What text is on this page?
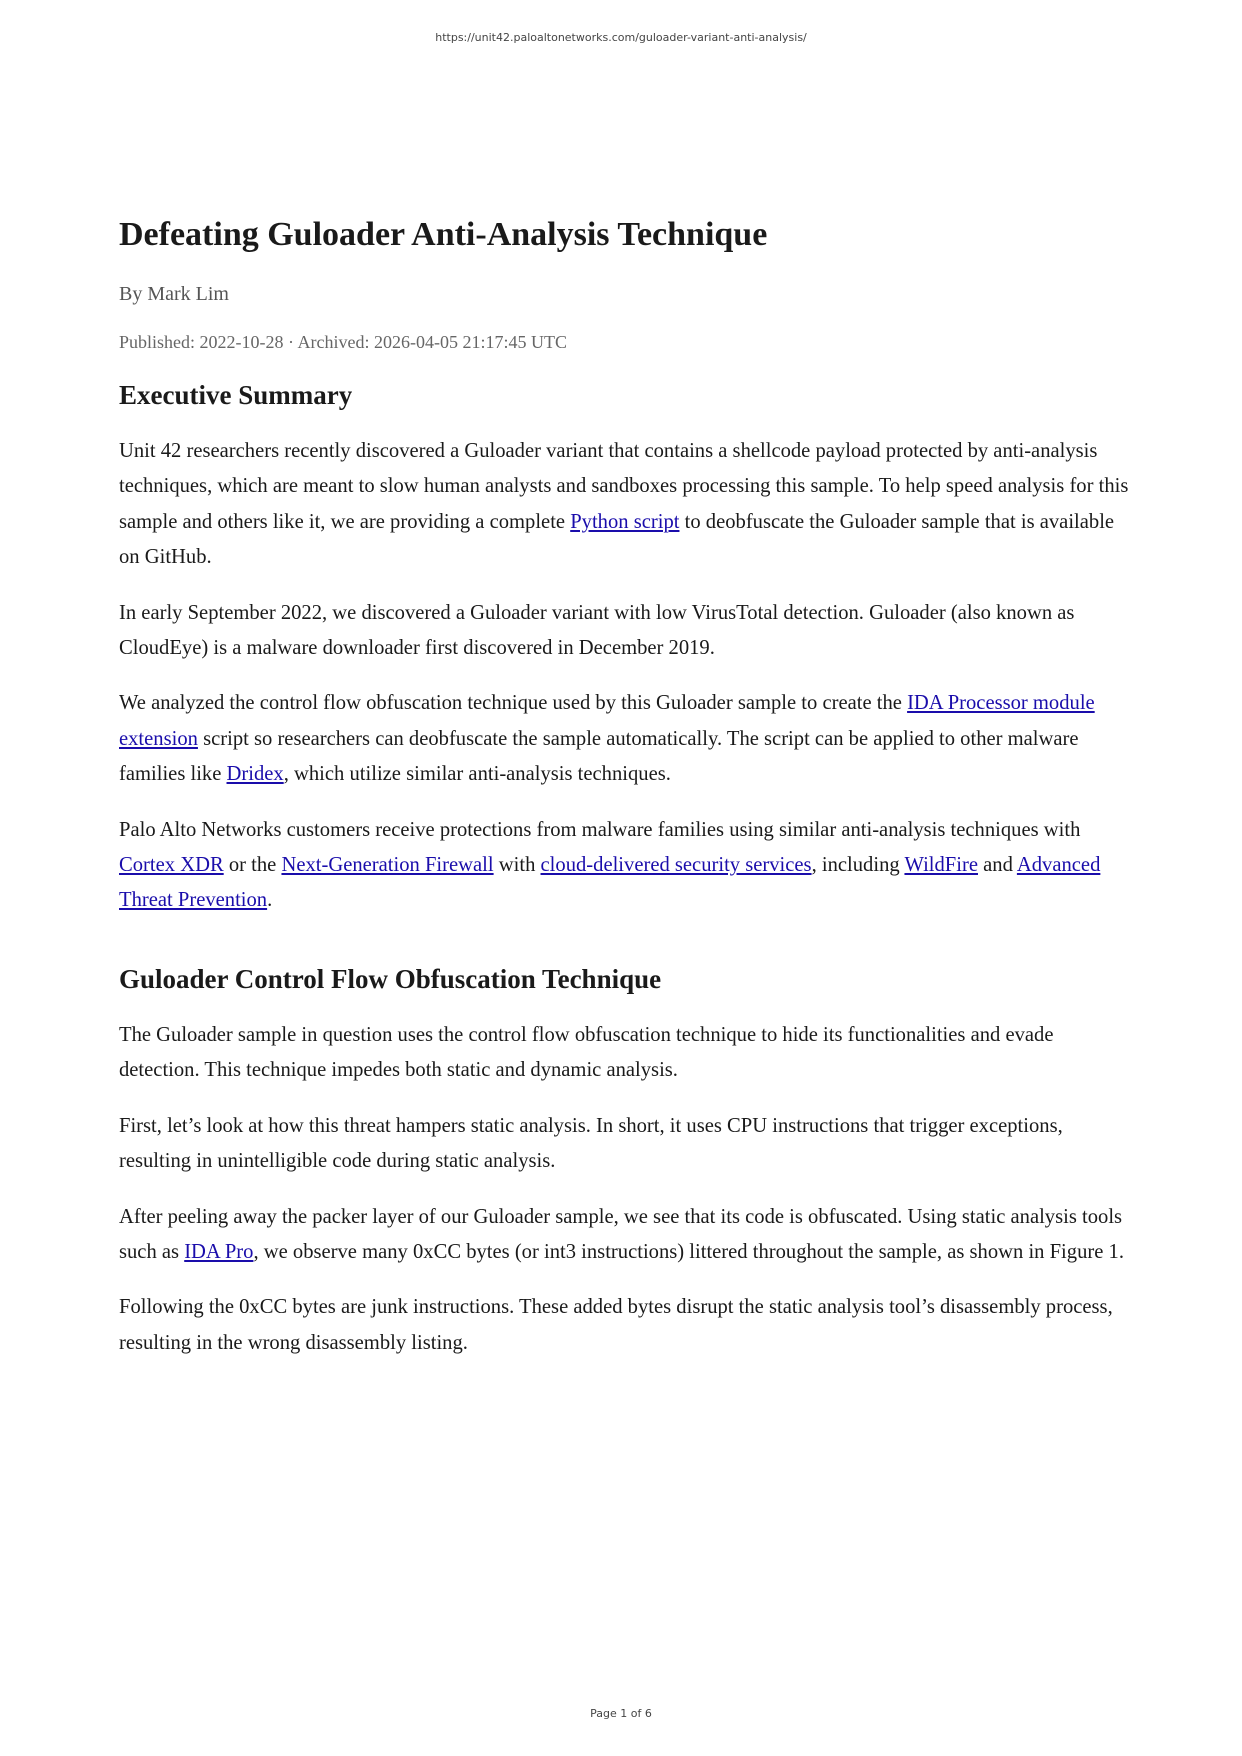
https://unit42.paloaltonetworks.com/guloader-variant-anti-analysis/

Defeating Guloader Anti-Analysis Technique

By Mark Lim

Published: 2022-10-28 · Archived: 2026-04-05 21:17:45 UTC

Executive Summary

Unit 42 researchers recently discovered a Guloader variant that contains a shellcode payload protected by anti-analysis techniques, which are meant to slow human analysts and sandboxes processing this sample. To help speed analysis for this sample and others like it, we are providing a complete Python script to deobfuscate the Guloader sample that is available on GitHub.

In early September 2022, we discovered a Guloader variant with low VirusTotal detection. Guloader (also known as CloudEye) is a malware downloader first discovered in December 2019.

We analyzed the control flow obfuscation technique used by this Guloader sample to create the IDA Processor module extension script so researchers can deobfuscate the sample automatically. The script can be applied to other malware families like Dridex, which utilize similar anti-analysis techniques.

Palo Alto Networks customers receive protections from malware families using similar anti-analysis techniques with Cortex XDR or the Next-Generation Firewall with cloud-delivered security services, including WildFire and Advanced Threat Prevention.

Guloader Control Flow Obfuscation Technique

The Guloader sample in question uses the control flow obfuscation technique to hide its functionalities and evade detection. This technique impedes both static and dynamic analysis.

First, let’s look at how this threat hampers static analysis. In short, it uses CPU instructions that trigger exceptions, resulting in unintelligible code during static analysis.

After peeling away the packer layer of our Guloader sample, we see that its code is obfuscated. Using static analysis tools such as IDA Pro, we observe many 0xCC bytes (or int3 instructions) littered throughout the sample, as shown in Figure 1.

Following the 0xCC bytes are junk instructions. These added bytes disrupt the static analysis tool’s disassembly process, resulting in the wrong disassembly listing.

Page 1 of 6
